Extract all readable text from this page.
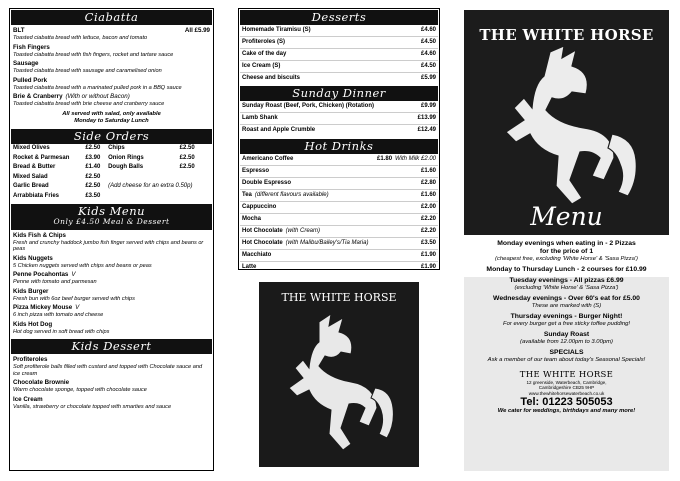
Ciabatta
BLT	All £5.99
Toasted ciabatta bread with lettuce, bacon and tomato
Fish Fingers
Toasted ciabatta bread with fish fingers, rocket and tartare sauce
Sausage
Toasted ciabatta bread with sausage and caramelised onion
Pulled Pork
Toasted ciabatta bread with a marinated pulled pork in a BBQ sauce
Brie & Cranberry (With or without Bacon)
Toasted ciabatta bread with brie cheese and cranberry sauce
All served with salad, only available
Monday to Saturday Lunch
Side Orders
Mixed Olives	£2.50	Chips	£2.50
Rocket & Parmesan	£3.90	Onion Rings	£2.50
Bread & Butter	£1.40	Dough Balls	£2.50
Mixed Salad	£2.50		
Garlic Bread	£2.50	(Add cheese for an extra 0.50p)	
Arrabbiata Fries	£3.50		
Kids Menu
Only £4.50 Meal & Dessert
Kids Fish & Chips
Fresh and crunchy haddock jumbo fish finger served with chips and beans or peas
Kids Nuggets
5 Chicken nuggets served with chips and beans or peas
Penne Pocahontas V
Penne with tomato and parmesan
Kids Burger
Fresh bun with 6oz beef burger served with chips
Pizza Mickey Mouse V
6 inch pizza with tomato and cheese
Kids Hot Dog
Hot dog served in soft bread with chips
Kids Dessert
Profiteroles
Soft profiterole balls filled with custard and topped with Chocolate sauce and ice cream
Chocolate Brownie
Warm chocolate sponge, topped with chocolate sauce
Ice Cream
Vanilla, strawberry or chocolate topped with smarties and sauce
Desserts
Homemade Tiramisu (S)	£4.60
Profiteroles (S)	£4.50
Cake of the day	£4.60
Ice Cream (S)	£4.50
Cheese and biscuits	£5.99
Sunday Dinner
Sunday Roast (Beef, Pork, Chicken) (Rotation)	£9.99
Lamb Shank	£13.99
Roast and Apple Crumble	£12.49
Hot Drinks
Americano Coffee	£1.80 With Milk £2.00
Espresso	£1.60
Double Espresso	£2.80
Tea (different flavours available)	£1.60
Cappuccino	£2.00
Mocha	£2.20
Hot Chocolate (with Cream)	£2.20
Hot Chocolate (with Malibu/Bailey's/Tia Maria)	£3.50
Macchiato	£1.90
Latte	£1.90
THE WHITE HORSE
THE WHITE HORSE
Menu
Monday evenings when eating in - 2 Pizzas
for the price of 1
(cheapest free, excluding 'White Horse' & 'Sasa Pizza')
Monday to Thursday Lunch - 2 courses for £10.99
Tuesday evenings - All pizzas £6.99
(excluding 'White Horse' & 'Sasa Pizza')
Wednesday evenings - Over 60's eat for £5.00
These are marked with (S)
Thursday evenings - Burger Night!
For every burger get a free sticky toffee pudding!
Sunday Roast
(available from 12.00pm to 3.00pm)
SPECIALS
Ask a member of our team about today's Seasonal Specials!
THE WHITE HORSE
12 greenside, Waterbeach, Cambridge,
Cambridgeshire CB25 9HP
www.thewhitehorsewaterbeach.co.uk
Tel: 01223 505053
We cater for weddings, birthdays and many more!
